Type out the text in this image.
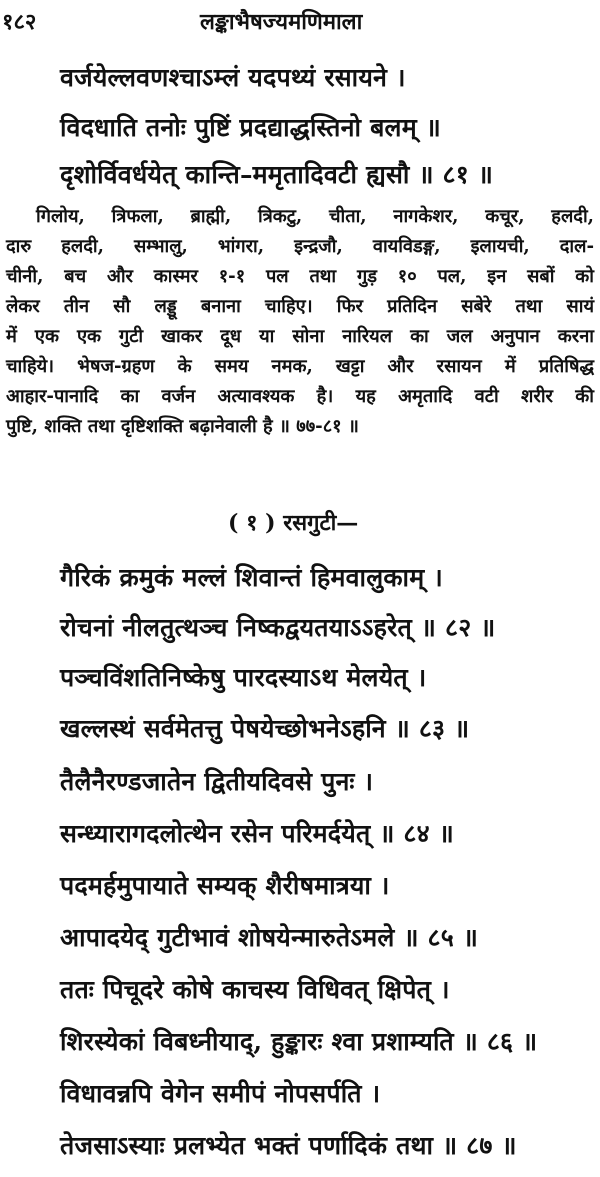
१८२	लङ्काभैषज्यमणिमाला
वर्जयेल्लवणश्चाऽम्लं यदपथ्यं रसायने ।
विदधाति तनोः पुष्टिं प्रदद्याद्धस्तिनो बलम् ॥
दृशोर्विवर्धयेत् कान्ति–ममृतादिवटी ह्यसौ ॥ ८१ ॥
गिलोय, त्रिफला, ब्राह्मी, त्रिकटु, चीता, नागकेशर, कचूर, हलदी,
दारु हलदी, सम्भालु, भांगरा, इन्द्रजौ, वायविडङ्ग, इलायची, दाल-
चीनी, बच और कास्मर १-१ पल तथा गुड़ १० पल, इन सबों को
लेकर तीन सौ लड्डू बनाना चाहिए। फिर प्रतिदिन सबेरे तथा सायं
में एक एक गुटी खाकर दूध या सोना नारियल का जल अनुपान करना
चाहिये। भेषज-ग्रहण के समय नमक, खट्टा और रसायन में प्रतिषिद्ध
आहार-पानादि का वर्जन अत्यावश्यक है। यह अमृतादि वटी शरीर की
पुष्टि, शक्ति तथा दृष्टिशक्ति बढ़ानेवाली है ॥ ७७-८१ ॥
( १ ) रसगुटी—
गैरिकं क्रमुकं मल्लं शिवान्तं हिमवालुकाम् ।
रोचनां नीलतुत्थञ्च निष्कद्वयतयाऽऽहरेत् ॥ ८२ ॥
पञ्चविंशतिनिष्केषु पारदस्याऽथ मेलयेत् ।
खल्लस्थं सर्वमेतत्तु पेषयेच्छोभनेऽहनि ॥ ८३ ॥
तैलैनैरण्डजातेन द्वितीयदिवसे पुनः ।
सन्ध्यारागदलोत्थेन रसेन परिमर्दयेत् ॥ ८४ ॥
पदमर्हमुपायाते सम्यक् शैरीषमात्रया ।
आपादयेद् गुटीभावं शोषयेन्मारुतेऽमले ॥ ८५ ॥
ततः पिचूदरे कोषे काचस्य विधिवत् क्षिपेत् ।
शिरस्येकां विबध्नीयाद्, हुङ्कारः श्वा प्रशाम्यति ॥ ८६ ॥
विधावन्नपि वेगेन समीपं नोपसर्पति ।
तेजसाऽस्याः प्रलभ्येत भक्तं पर्णादिकं तथा ॥ ८७ ॥
